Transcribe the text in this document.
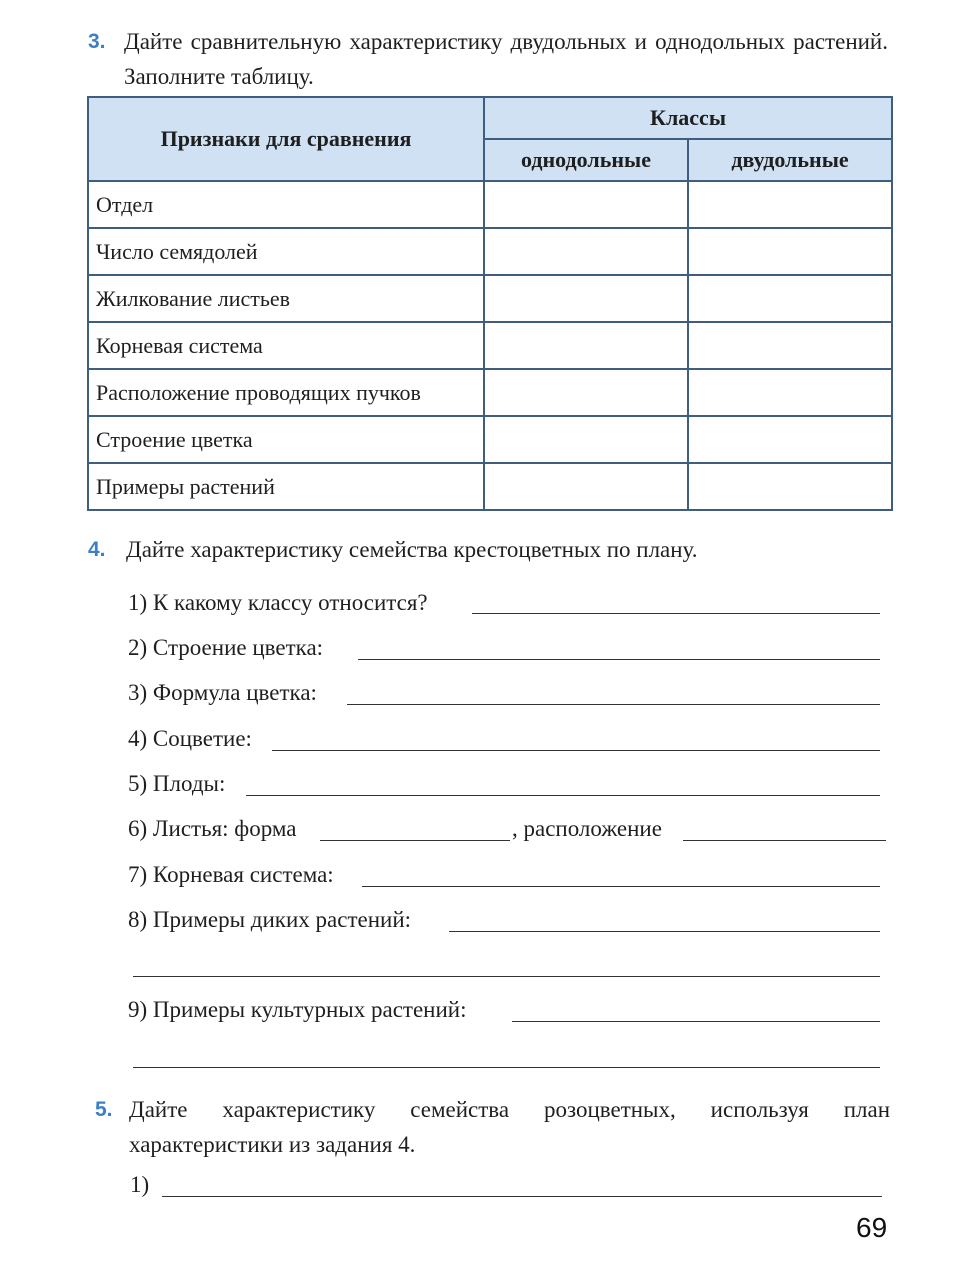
3. Дайте сравнительную характеристику двудольных и однодольных растений. Заполните таблицу.
Признаки для сравнения	Классы	
	однодольные	двудольные
Отдел		
Число семядолей		
Жилкование листьев		
Корневая система		
Расположение проводящих пучков		
Строение цветка		
Примеры растений		
4. Дайте характеристику семейства крестоцветных по плану.
1) К какому классу относится?
2) Строение цветка:
3) Формула цветка:
4) Соцветие:
5) Плоды:
6) Листья: форма	, расположение
7) Корневая система:
8) Примеры диких растений:
9) Примеры культурных растений:
5. Дайте характеристику семейства розоцветных, используя план характеристики из задания 4.
1)
69
